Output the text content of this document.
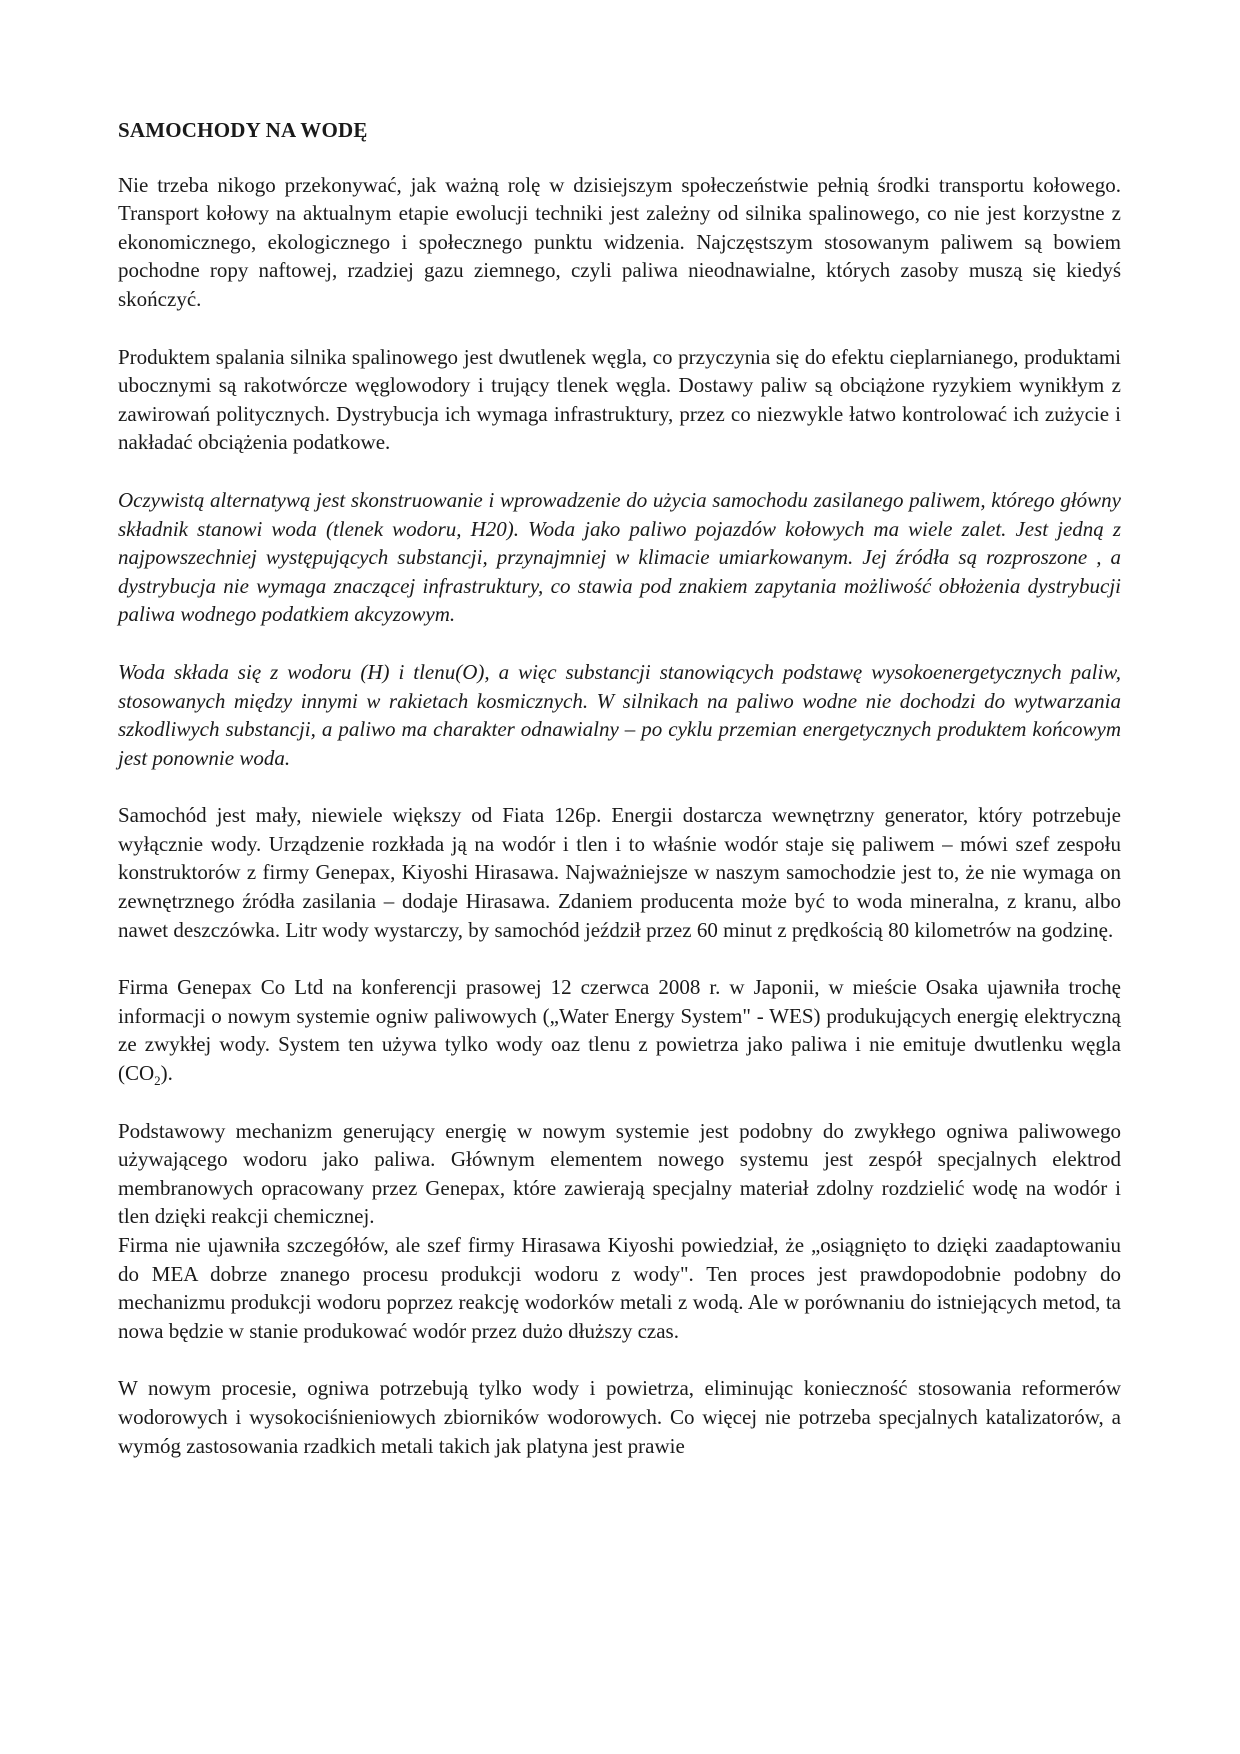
SAMOCHODY NA WODĘ

Nie trzeba nikogo przekonywać, jak ważną rolę w dzisiejszym społeczeństwie pełnią środki transportu kołowego. Transport kołowy na aktualnym etapie ewolucji techniki jest zależny od silnika spalinowego, co nie jest korzystne z ekonomicznego, ekologicznego i społecznego punktu widzenia. Najczęstszym stosowanym paliwem są bowiem pochodne ropy naftowej, rzadziej gazu ziemnego, czyli paliwa nieodnawialne, których zasoby muszą się kiedyś skończyć.

Produktem spalania silnika spalinowego jest dwutlenek węgla, co przyczynia się do efektu cieplarnianego, produktami ubocznymi są rakotwórcze węglowodory i trujący tlenek węgla. Dostawy paliw są obciążone ryzykiem wynikłym z zawirowań politycznych. Dystrybucja ich wymaga infrastruktury, przez co niezwykle łatwo kontrolować ich zużycie i nakładać obciążenia podatkowe.

Oczywistą alternatywą jest skonstruowanie i wprowadzenie do użycia samochodu zasilanego paliwem, którego główny składnik stanowi woda (tlenek wodoru, H20). Woda jako paliwo pojazdów kołowych ma wiele zalet. Jest jedną z najpowszechniej występujących substancji, przynajmniej w klimacie umiarkowanym. Jej źródła są rozproszone , a dystrybucja nie wymaga znaczącej infrastruktury, co stawia pod znakiem zapytania możliwość obłożenia dystrybucji paliwa wodnego podatkiem akcyzowym.

Woda składa się z wodoru (H) i tlenu(O), a więc substancji stanowiących podstawę wysokoenergetycznych paliw, stosowanych między innymi w rakietach kosmicznych. W silnikach na paliwo wodne nie dochodzi do wytwarzania szkodliwych substancji, a paliwo ma charakter odnawialny – po cyklu przemian energetycznych produktem końcowym jest ponownie woda.

Samochód jest mały, niewiele większy od Fiata 126p. Energii dostarcza wewnętrzny generator, który potrzebuje wyłącznie wody. Urządzenie rozkłada ją na wodór i tlen i to właśnie wodór staje się paliwem – mówi szef zespołu konstruktorów z firmy Genepax, Kiyoshi Hirasawa. Najważniejsze w naszym samochodzie jest to, że nie wymaga on zewnętrznego źródła zasilania – dodaje Hirasawa. Zdaniem producenta może być to woda mineralna, z kranu, albo nawet deszczówka. Litr wody wystarczy, by samochód jeździł przez 60 minut z prędkością 80 kilometrów na godzinę.

Firma Genepax Co Ltd na konferencji prasowej 12 czerwca 2008 r. w Japonii, w mieście Osaka ujawniła trochę informacji o nowym systemie ogniw paliwowych („Water Energy System" - WES) produkujących energię elektryczną ze zwykłej wody. System ten używa tylko wody oaz tlenu z powietrza jako paliwa i nie emituje dwutlenku węgla $(CO_2)$.

Podstawowy mechanizm generujący energię w nowym systemie jest podobny do zwykłego ogniwa paliwowego używającego wodoru jako paliwa. Głównym elementem nowego systemu jest zespół specjalnych elektrod membranowych opracowany przez Genepax, które zawierają specjalny materiał zdolny rozdzielić wodę na wodór i tlen dzięki reakcji chemicznej.

Firma nie ujawniła szczegółów, ale szef firmy Hirasawa Kiyoshi powiedział, że „osiągnięto to dzięki zaadaptowaniu do MEA dobrze znanego procesu produkcji wodoru z wody". Ten proces jest prawdopodobnie podobny do mechanizmu produkcji wodoru poprzez reakcję wodorków metali z wodą. Ale w porównaniu do istniejących metod, ta nowa będzie w stanie produkować wodór przez dużo dłuższy czas.

W nowym procesie, ogniwa potrzebują tylko wody i powietrza, eliminując konieczność stosowania reformerów wodorowych i wysokociśnieniowych zbiorników wodorowych. Co więcej nie potrzeba specjalnych katalizatorów, a wymóg zastosowania rzadkich metali takich jak platyna jest prawie
